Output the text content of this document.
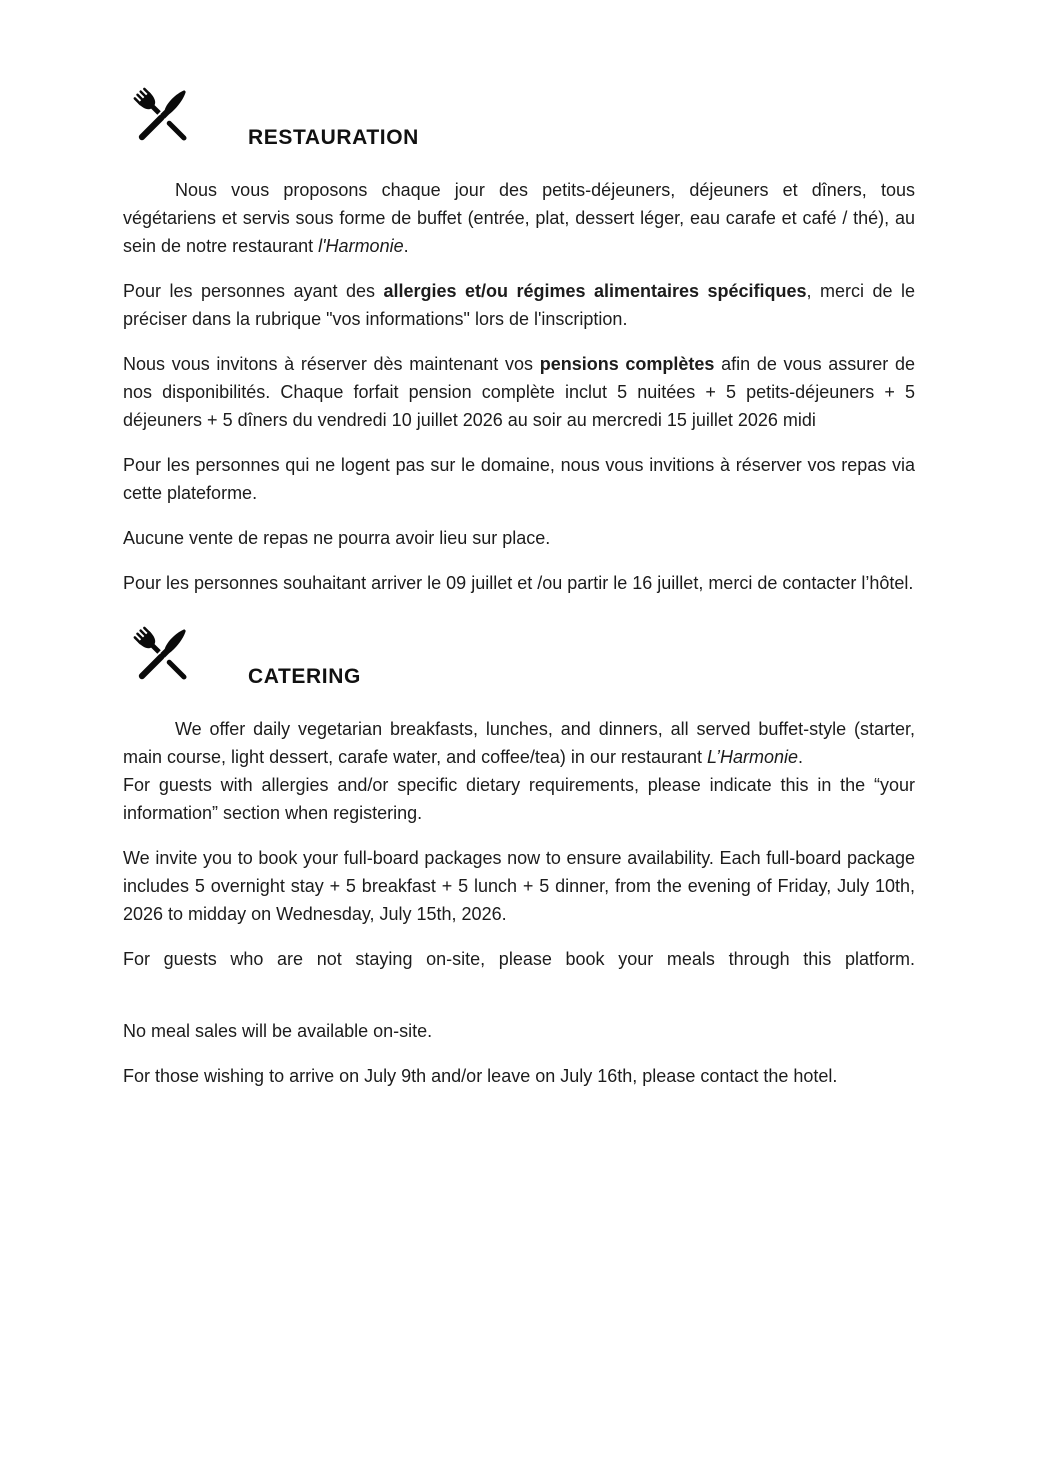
RESTAURATION

Nous vous proposons chaque jour des petits-déjeuners, déjeuners et dîners, tous végétariens et servis sous forme de buffet (entrée, plat, dessert léger, eau carafe et café / thé), au sein de notre restaurant l'Harmonie.

Pour les personnes ayant des allergies et/ou régimes alimentaires spécifiques, merci de le préciser dans la rubrique "vos informations" lors de l'inscription.

Nous vous invitons à réserver dès maintenant vos pensions complètes afin de vous assurer de nos disponibilités. Chaque forfait pension complète inclut 5 nuitées + 5 petits-déjeuners + 5 déjeuners + 5 dîners du vendredi 10 juillet 2026 au soir au mercredi 15 juillet 2026 midi

Pour les personnes qui ne logent pas sur le domaine, nous vous invitions à réserver vos repas via cette plateforme.

Aucune vente de repas ne pourra avoir lieu sur place.

Pour les personnes souhaitant arriver le 09 juillet et /ou partir le 16 juillet, merci de contacter l’hôtel.

CATERING

We offer daily vegetarian breakfasts, lunches, and dinners, all served buffet-style (starter, main course, light dessert, carafe water, and coffee/tea) in our restaurant L’Harmonie.

For guests with allergies and/or specific dietary requirements, please indicate this in the “your information” section when registering.

We invite you to book your full-board packages now to ensure availability. Each full-board package includes 5 overnight stay + 5 breakfast + 5 lunch + 5 dinner, from the evening of Friday, July 10th, 2026 to midday on Wednesday, July 15th, 2026.

For guests who are not staying on-site, please book your meals through this platform.

No meal sales will be available on-site.

For those wishing to arrive on July 9th and/or leave on July 16th, please contact the hotel.
